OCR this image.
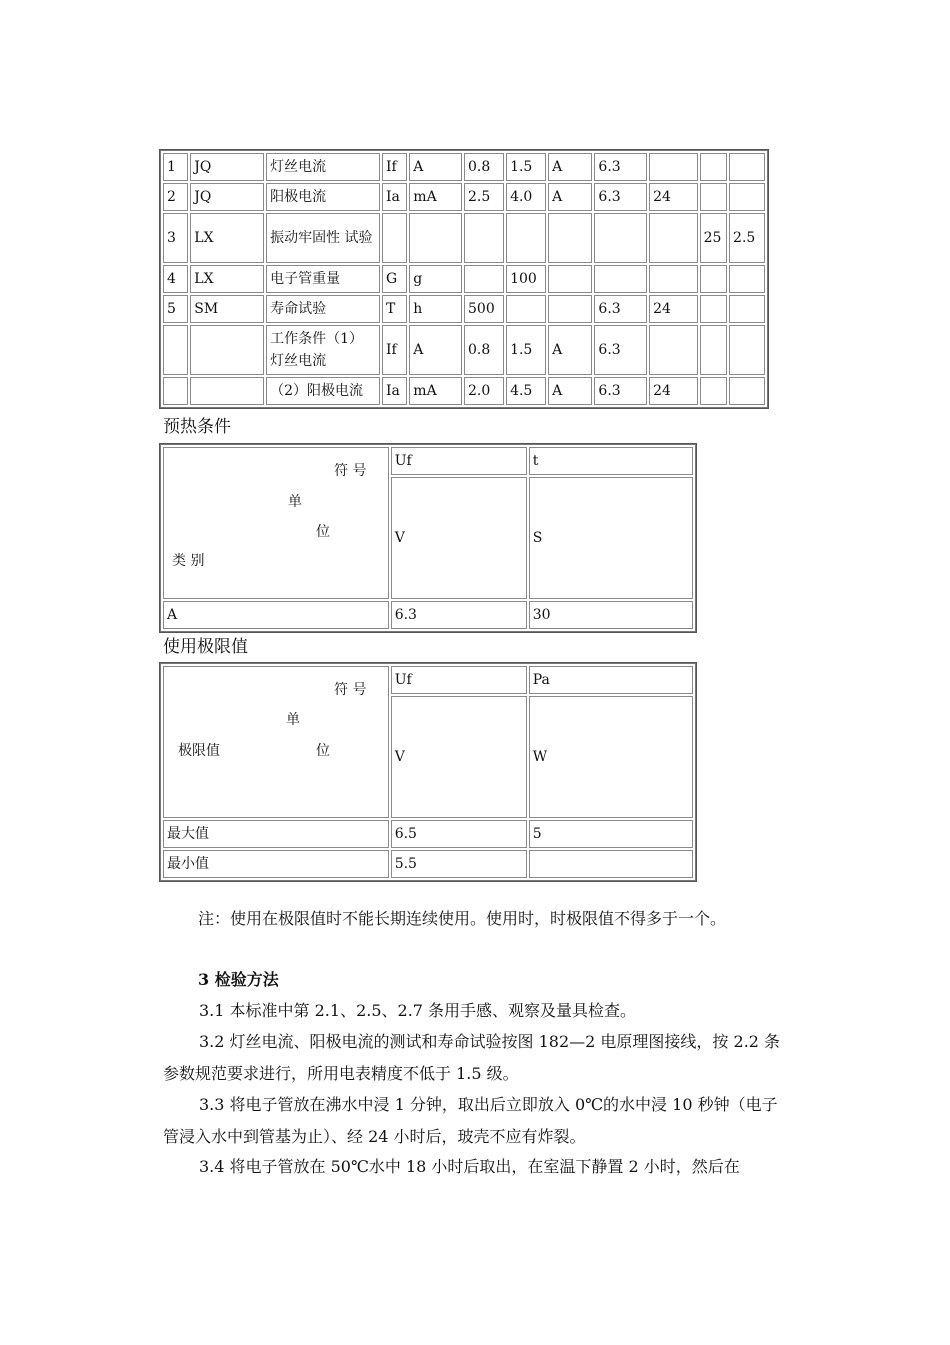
1	JQ	灯丝电流	If	A	0.8	1.5	A	6.3			
2	JQ	阳极电流	Ia	mA	2.5	4.0	A	6.3	24		
3	LX	振动牢固性 试验								25	2.5
4	LX	电子管重量	G	g		100					
5	SM	寿命试验	T	h	500			6.3	24		
		工作条件（1）灯丝电流	If	A	0.8	1.5	A	6.3			
		（2）阳极电流	Ia	mA	2.0	4.5	A	6.3	24		
预热条件
符 号
单
位
类 别	Uf	t
	V	S
A	6.3	30
使用极限值
符 号
单
位
极限值	Uf	Pa
	V	W
最大值	6.5	5
最小值	5.5	
注：使用在极限值时不能长期连续使用。使用时，时极限值不得多于一个。
3 检验方法
3.1 本标准中第 2.1、2.5、2.7 条用手感、观察及量具检查。
3.2 灯丝电流、阳极电流的测试和寿命试验按图 182—2 电原理图接线，按 2.2 条参数规范要求进行，所用电表精度不低于 1.5 级。
3.3 将电子管放在沸水中浸 1 分钟，取出后立即放入 0℃的水中浸 10 秒钟（电子管浸入水中到管基为止）、经 24 小时后，玻壳不应有炸裂。
3.4 将电子管放在 50℃水中 18 小时后取出，在室温下静置 2 小时，然后在
